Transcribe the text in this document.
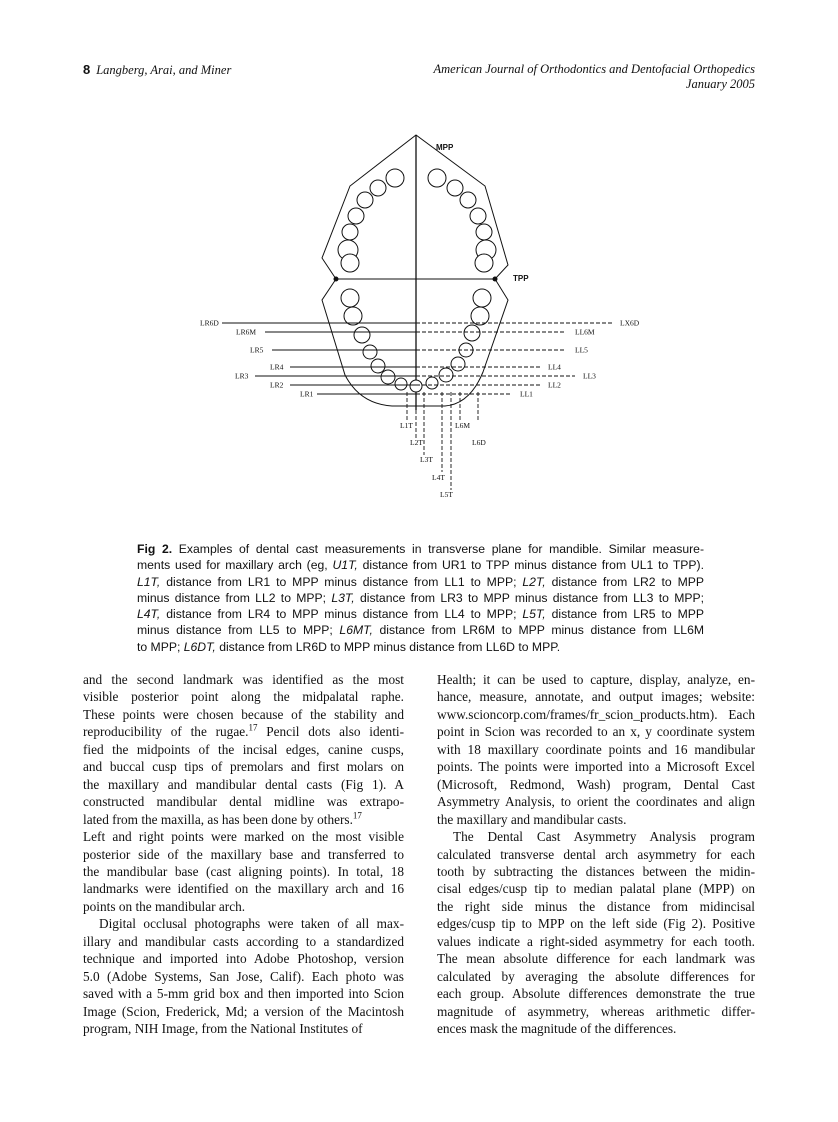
8 Langberg, Arai, and Miner	American Journal of Orthodontics and Dentofacial Orthopedics
January 2005
MPP
TPP
LR6D	LX6D
LR6M	LL6M
LR5	LL5
LR4	LL4
LR3	LL3
LR2	LL2
LR1	LL1
L1T
L2T
L3T
L4T
L5T
L6M
L6D
Fig 2. Examples of dental cast measurements in transverse plane for mandible. Similar measure-
ments used for maxillary arch (eg, U1T, distance from UR1 to TPP minus distance from UL1 to TPP).
L1T, distance from LR1 to MPP minus distance from LL1 to MPP; L2T, distance from LR2 to MPP
minus distance from LL2 to MPP; L3T, distance from LR3 to MPP minus distance from LL3 to MPP;
L4T, distance from LR4 to MPP minus distance from LL4 to MPP; L5T, distance from LR5 to MPP
minus distance from LL5 to MPP; L6MT, distance from LR6M to MPP minus distance from LL6M
to MPP; L6DT, distance from LR6D to MPP minus distance from LL6D to MPP.
and the second landmark was identified as the most
visible posterior point along the midpalatal raphe.
These points were chosen because of the stability and
reproducibility of the rugae.$^{17}$ Pencil dots also identi-
fied the midpoints of the incisal edges, canine cusps,
and buccal cusp tips of premolars and first molars on
the maxillary and mandibular dental casts (Fig 1). A
constructed mandibular dental midline was extrapo-
lated from the maxilla, as has been done by others.$^{17}$
Left and right points were marked on the most visible
posterior side of the maxillary base and transferred to
the mandibular base (cast aligning points). In total, 18
landmarks were identified on the maxillary arch and 16
points on the mandibular arch.
Digital occlusal photographs were taken of all max-
illary and mandibular casts according to a standardized
technique and imported into Adobe Photoshop, version
5.0 (Adobe Systems, San Jose, Calif). Each photo was
saved with a 5-mm grid box and then imported into Scion
Image (Scion, Frederick, Md; a version of the Macintosh
program, NIH Image, from the National Institutes of
Health; it can be used to capture, display, analyze, en-
hance, measure, annotate, and output images; website:
www.scioncorp.com/frames/fr_scion_products.htm). Each
point in Scion was recorded to an x, y coordinate system
with 18 maxillary coordinate points and 16 mandibular
points. The points were imported into a Microsoft Excel
(Microsoft, Redmond, Wash) program, Dental Cast
Asymmetry Analysis, to orient the coordinates and align
the maxillary and mandibular casts.
The Dental Cast Asymmetry Analysis program
calculated transverse dental arch asymmetry for each
tooth by subtracting the distances between the midin-
cisal edges/cusp tip to median palatal plane (MPP) on
the right side minus the distance from midincisal
edges/cusp tip to MPP on the left side (Fig 2). Positive
values indicate a right-sided asymmetry for each tooth.
The mean absolute difference for each landmark was
calculated by averaging the absolute differences for
each group. Absolute differences demonstrate the true
magnitude of asymmetry, whereas arithmetic differ-
ences mask the magnitude of the differences.
